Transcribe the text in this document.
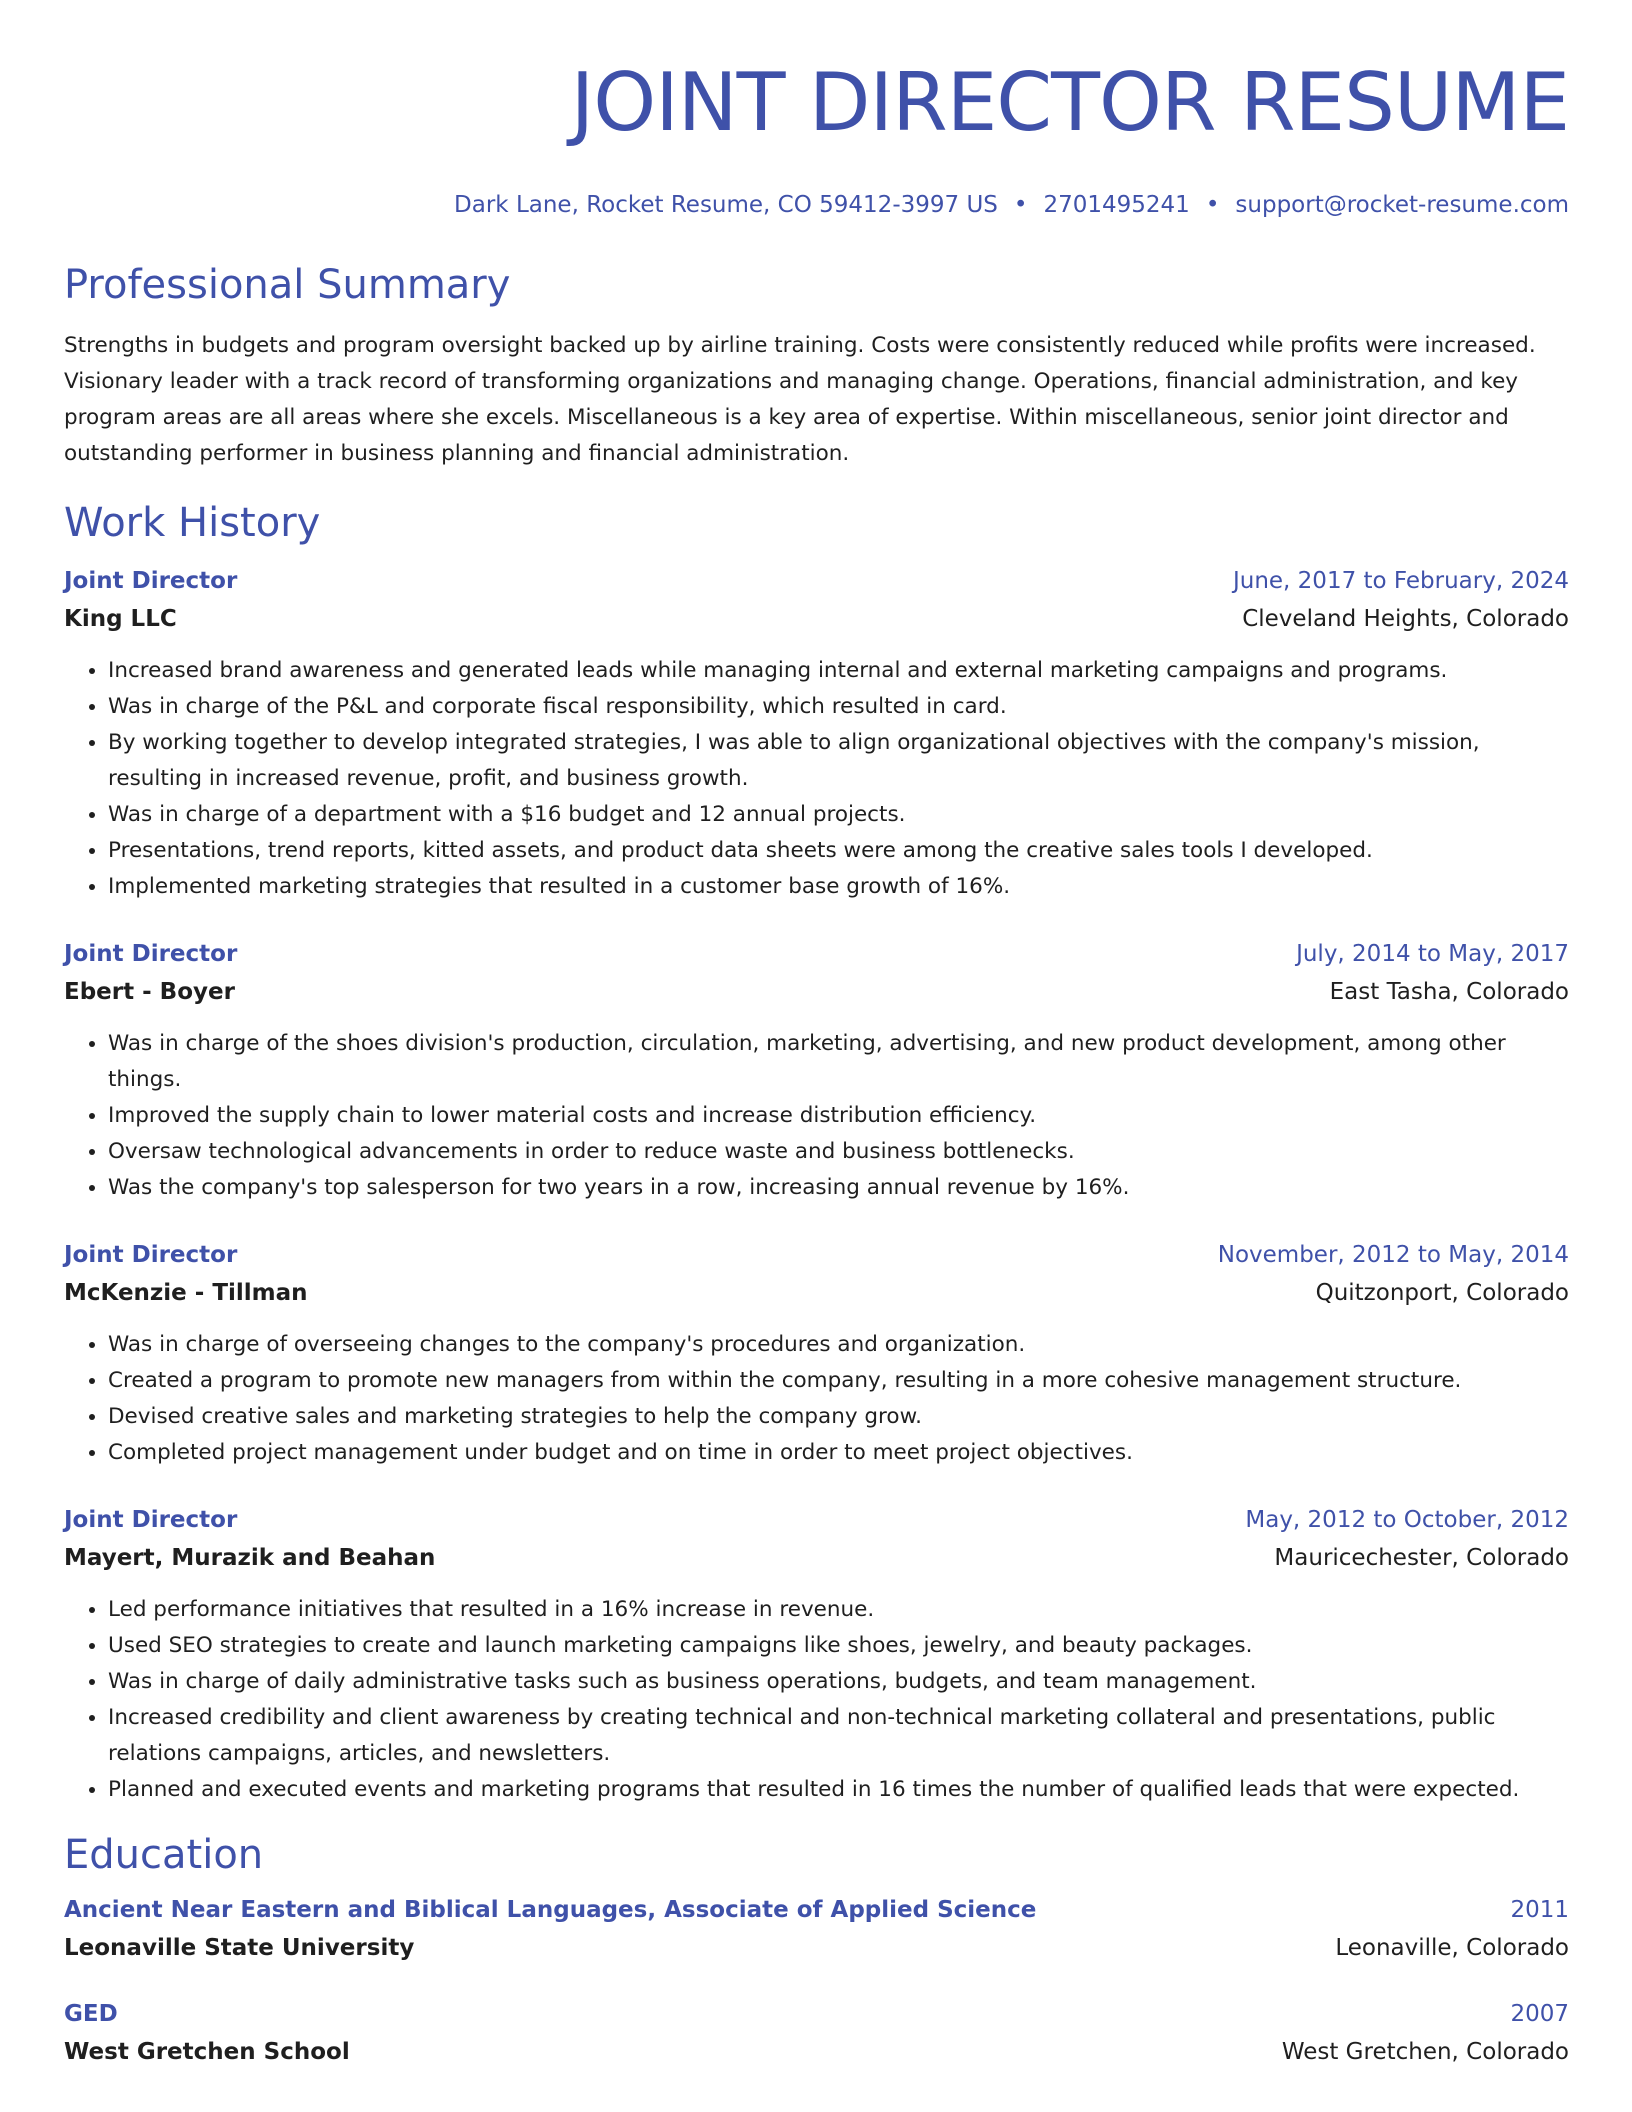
JOINT DIRECTOR RESUME
Dark Lane, Rocket Resume, CO 59412-3997 US • 2701495241 • support@rocket-resume.com
Professional Summary

Strengths in budgets and program oversight backed up by airline training. Costs were consistently reduced while profits were increased. Visionary leader with a track record of transforming organizations and managing change. Operations, financial administration, and key program areas are all areas where she excels. Miscellaneous is a key area of expertise. Within miscellaneous, senior joint director and outstanding performer in business planning and financial administration.

Work History
Joint Director	June, 2017 to February, 2024
King LLC	Cleveland Heights, Colorado
• Increased brand awareness and generated leads while managing internal and external marketing campaigns and programs.
• Was in charge of the P&L and corporate fiscal responsibility, which resulted in card.
• By working together to develop integrated strategies, I was able to align organizational objectives with the company's mission, resulting in increased revenue, profit, and business growth.
• Was in charge of a department with a $16 budget and 12 annual projects.
• Presentations, trend reports, kitted assets, and product data sheets were among the creative sales tools I developed.
• Implemented marketing strategies that resulted in a customer base growth of 16%.
Joint Director	July, 2014 to May, 2017
Ebert - Boyer	East Tasha, Colorado
• Was in charge of the shoes division's production, circulation, marketing, advertising, and new product development, among other things.
• Improved the supply chain to lower material costs and increase distribution efficiency.
• Oversaw technological advancements in order to reduce waste and business bottlenecks.
• Was the company's top salesperson for two years in a row, increasing annual revenue by 16%.
Joint Director	November, 2012 to May, 2014
McKenzie - Tillman	Quitzonport, Colorado
• Was in charge of overseeing changes to the company's procedures and organization.
• Created a program to promote new managers from within the company, resulting in a more cohesive management structure.
• Devised creative sales and marketing strategies to help the company grow.
• Completed project management under budget and on time in order to meet project objectives.
Joint Director	May, 2012 to October, 2012
Mayert, Murazik and Beahan	Mauricechester, Colorado
• Led performance initiatives that resulted in a 16% increase in revenue.
• Used SEO strategies to create and launch marketing campaigns like shoes, jewelry, and beauty packages.
• Was in charge of daily administrative tasks such as business operations, budgets, and team management.
• Increased credibility and client awareness by creating technical and non-technical marketing collateral and presentations, public relations campaigns, articles, and newsletters.
• Planned and executed events and marketing programs that resulted in 16 times the number of qualified leads that were expected.
Education
Ancient Near Eastern and Biblical Languages, Associate of Applied Science	2011
Leonaville State University	Leonaville, Colorado
GED	2007
West Gretchen School	West Gretchen, Colorado
